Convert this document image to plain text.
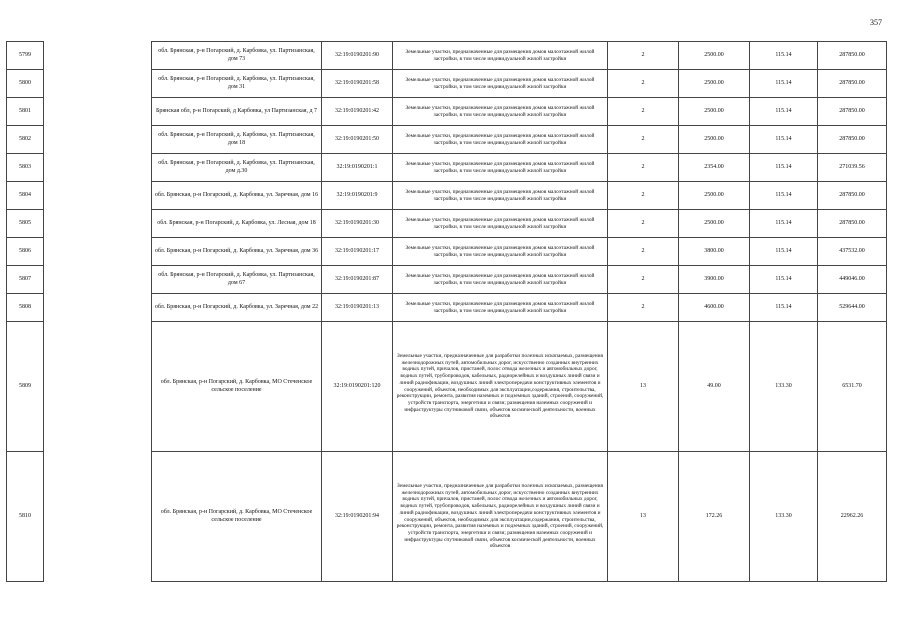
357
5799		обл. Брянская, р-н Погарский, д. Карбовка, ул. Партизанская, дом 73	32:19:0190201:90	Земельные участки, предназначенные для размещения домов малоэтажной жилой застройки, в том числе индивидуальной жилой застройки	2	2500.00	115.14	287850.00
5800		обл. Брянская, р-н Погарский, д. Карбовка, ул. Партизанская, дом 31	32:19:0190201:58	Земельные участки, предназначенные для размещения домов малоэтажной жилой застройки, в том числе индивидуальной жилой застройки	2	2500.00	115.14	287850.00
5801		Брянская обл, р-н Погарский, д Карбовка, ул Партизанская, д 7	32:19:0190201:42	Земельные участки, предназначенные для размещения домов малоэтажной жилой застройки, в том числе индивидуальной жилой застройки	2	2500.00	115.14	287850.00
5802		обл. Брянская, р-н Погарский, д. Карбовка, ул. Партизанская, дом 18	32:19:0190201:50	Земельные участки, предназначенные для размещения домов малоэтажной жилой застройки, в том числе индивидуальной жилой застройки	2	2500.00	115.14	287850.00
5803		обл. Брянская, р-н Погарский, д. Карбовка, ул. Партизанская, дом д.30	32:19:0190201:1	Земельные участки, предназначенные для размещения домов малоэтажной жилой застройки, в том числе индивидуальной жилой застройки	2	2354.00	115.14	271039.56
5804		обл. Брянская, р-н Погарский, д. Карбовка, ул. Заречная, дом 16	32:19:0190201:9	Земельные участки, предназначенные для размещения домов малоэтажной жилой застройки, в том числе индивидуальной жилой застройки	2	2500.00	115.14	287850.00
5805		обл. Брянская, р-н Погарский, д. Карбовка, ул. Лесная, дом 18	32:19:0190201:30	Земельные участки, предназначенные для размещения домов малоэтажной жилой застройки, в том числе индивидуальной жилой застройки	2	2500.00	115.14	287850.00
5806		обл. Брянская, р-н Погарский, д. Карбовка, ул. Заречная, дом 36	32:19:0190201:17	Земельные участки, предназначенные для размещения домов малоэтажной жилой застройки, в том числе индивидуальной жилой застройки	2	3800.00	115.14	437532.00
5807		обл. Брянская, р-н Погарский, д. Карбовка, ул. Партизанская, дом 67	32:19:0190201:87	Земельные участки, предназначенные для размещения домов малоэтажной жилой застройки, в том числе индивидуальной жилой застройки	2	3900.00	115.14	449046.00
5808		обл. Брянская, р-н Погарский, д. Карбовка, ул. Заречная, дом 22	32:19:0190201:13	Земельные участки, предназначенные для размещения домов малоэтажной жилой застройки, в том числе индивидуальной жилой застройки	2	4600.00	115.14	529644.00
5809		обл. Брянская, р-н Погарский, д. Карбовка, МО Стеченское сельское поселение	32:19:0190201:120	Земельные участки, предназначенные для разработки полезных ископаемых, размещения железнодорожных путей, автомобильных дорог, искусственно созданных внутренних водных путей, причалов, пристаней, полос отвода железных и автомобильных дорог, водных путей, трубопроводов, кабельных, радиорелейных и воздушных линий связи и линий радиофикации, воздушных линий электропередачи конструктивных элементов и сооружений, объектов, необходимых для эксплуатации,содержания, строительства, реконструкции, ремонта, развития наземных и подземных зданий, строений, сооружений, устройств транспорта, энергетики и связи; размещения наземных сооружений и инфраструктуры спутниковой связи, объектов космической деятельности, военных объектов	13	49.00	133.30	6531.70
5810		обл. Брянская, р-н Погарский, д. Карбовка, МО Стеченское сельское поселение	32:19:0190201:94	Земельные участки, предназначенные для разработки полезных ископаемых, размещения железнодорожных путей, автомобильных дорог, искусственно созданных внутренних водных путей, причалов, пристаней, полос отвода железных и автомобильных дорог, водных путей, трубопроводов, кабельных, радиорелейных и воздушных линий связи и линий радиофикации, воздушных линий электропередачи конструктивных элементов и сооружений, объектов, необходимых для эксплуатации,содержания, строительства, реконструкции, ремонта, развития наземных и подземных зданий, строений, сооружений, устройств транспорта, энергетики и связи; размещения наземных сооружений и инфраструктуры спутниковой связи, объектов космической деятельности, военных объектов	13	172.26	133.30	22962.26
